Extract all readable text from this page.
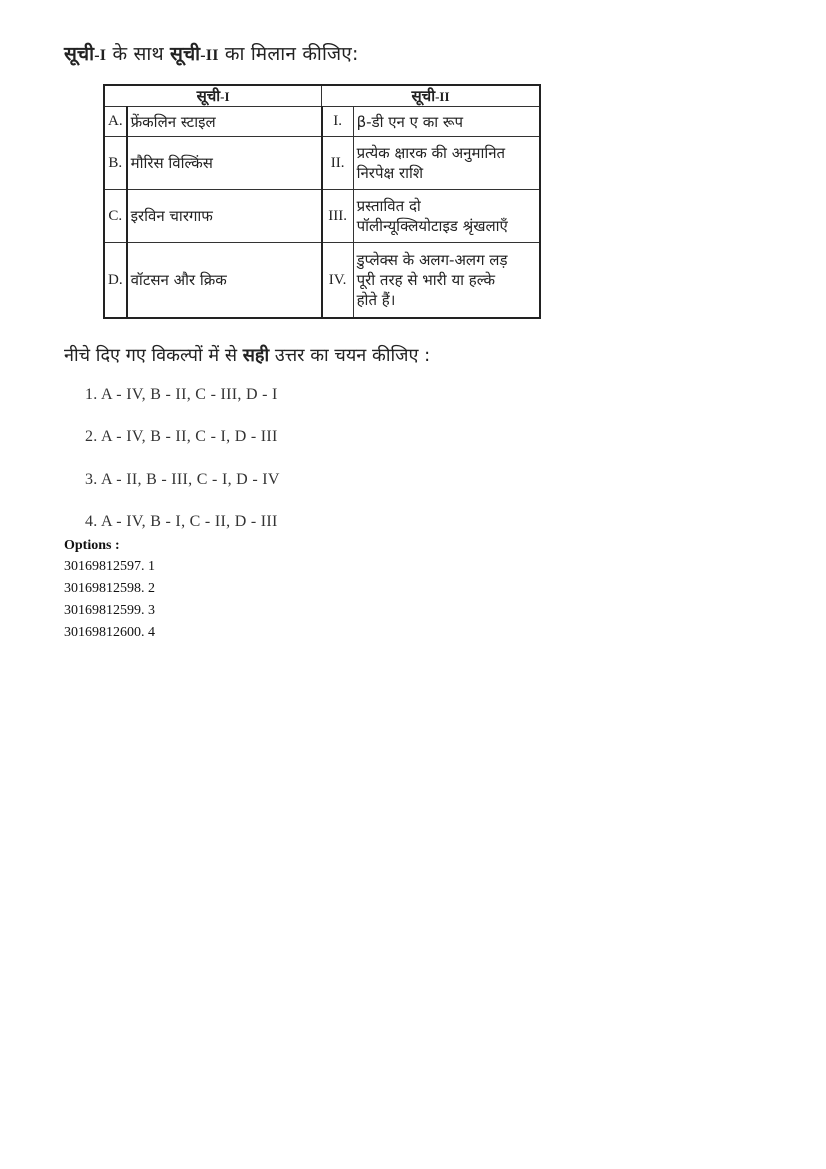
सूची-I के साथ सूची-II का मिलान कीजिए:
सूची-I		सूची-II	
A.	फ्रेंकलिन स्टाइल	I.	β-डी एन ए का रूप

B.	मौरिस विल्किंस	II.	प्रत्येक क्षारक की अनुमानित
निरपेक्ष राशि

C.	इरविन चारगाफ	III.	प्रस्तावित दो
पॉलीन्यूक्लियोटाइड श्रृंखलाएँ

D.	वॉटसन और क्रिक	IV.	डुप्लेक्स के अलग-अलग लड़
पूरी तरह से भारी या हल्के
होते हैं।
नीचे दिए गए विकल्पों में से सही उत्तर का चयन कीजिए :
1. A - IV, B - II, C - III, D - I
2. A - IV, B - II, C - I, D - III
3. A - II, B - III, C - I, D - IV
4. A - IV, B - I, C - II, D - III
Options :
30169812597. 1
30169812598. 2
30169812599. 3
30169812600. 4
